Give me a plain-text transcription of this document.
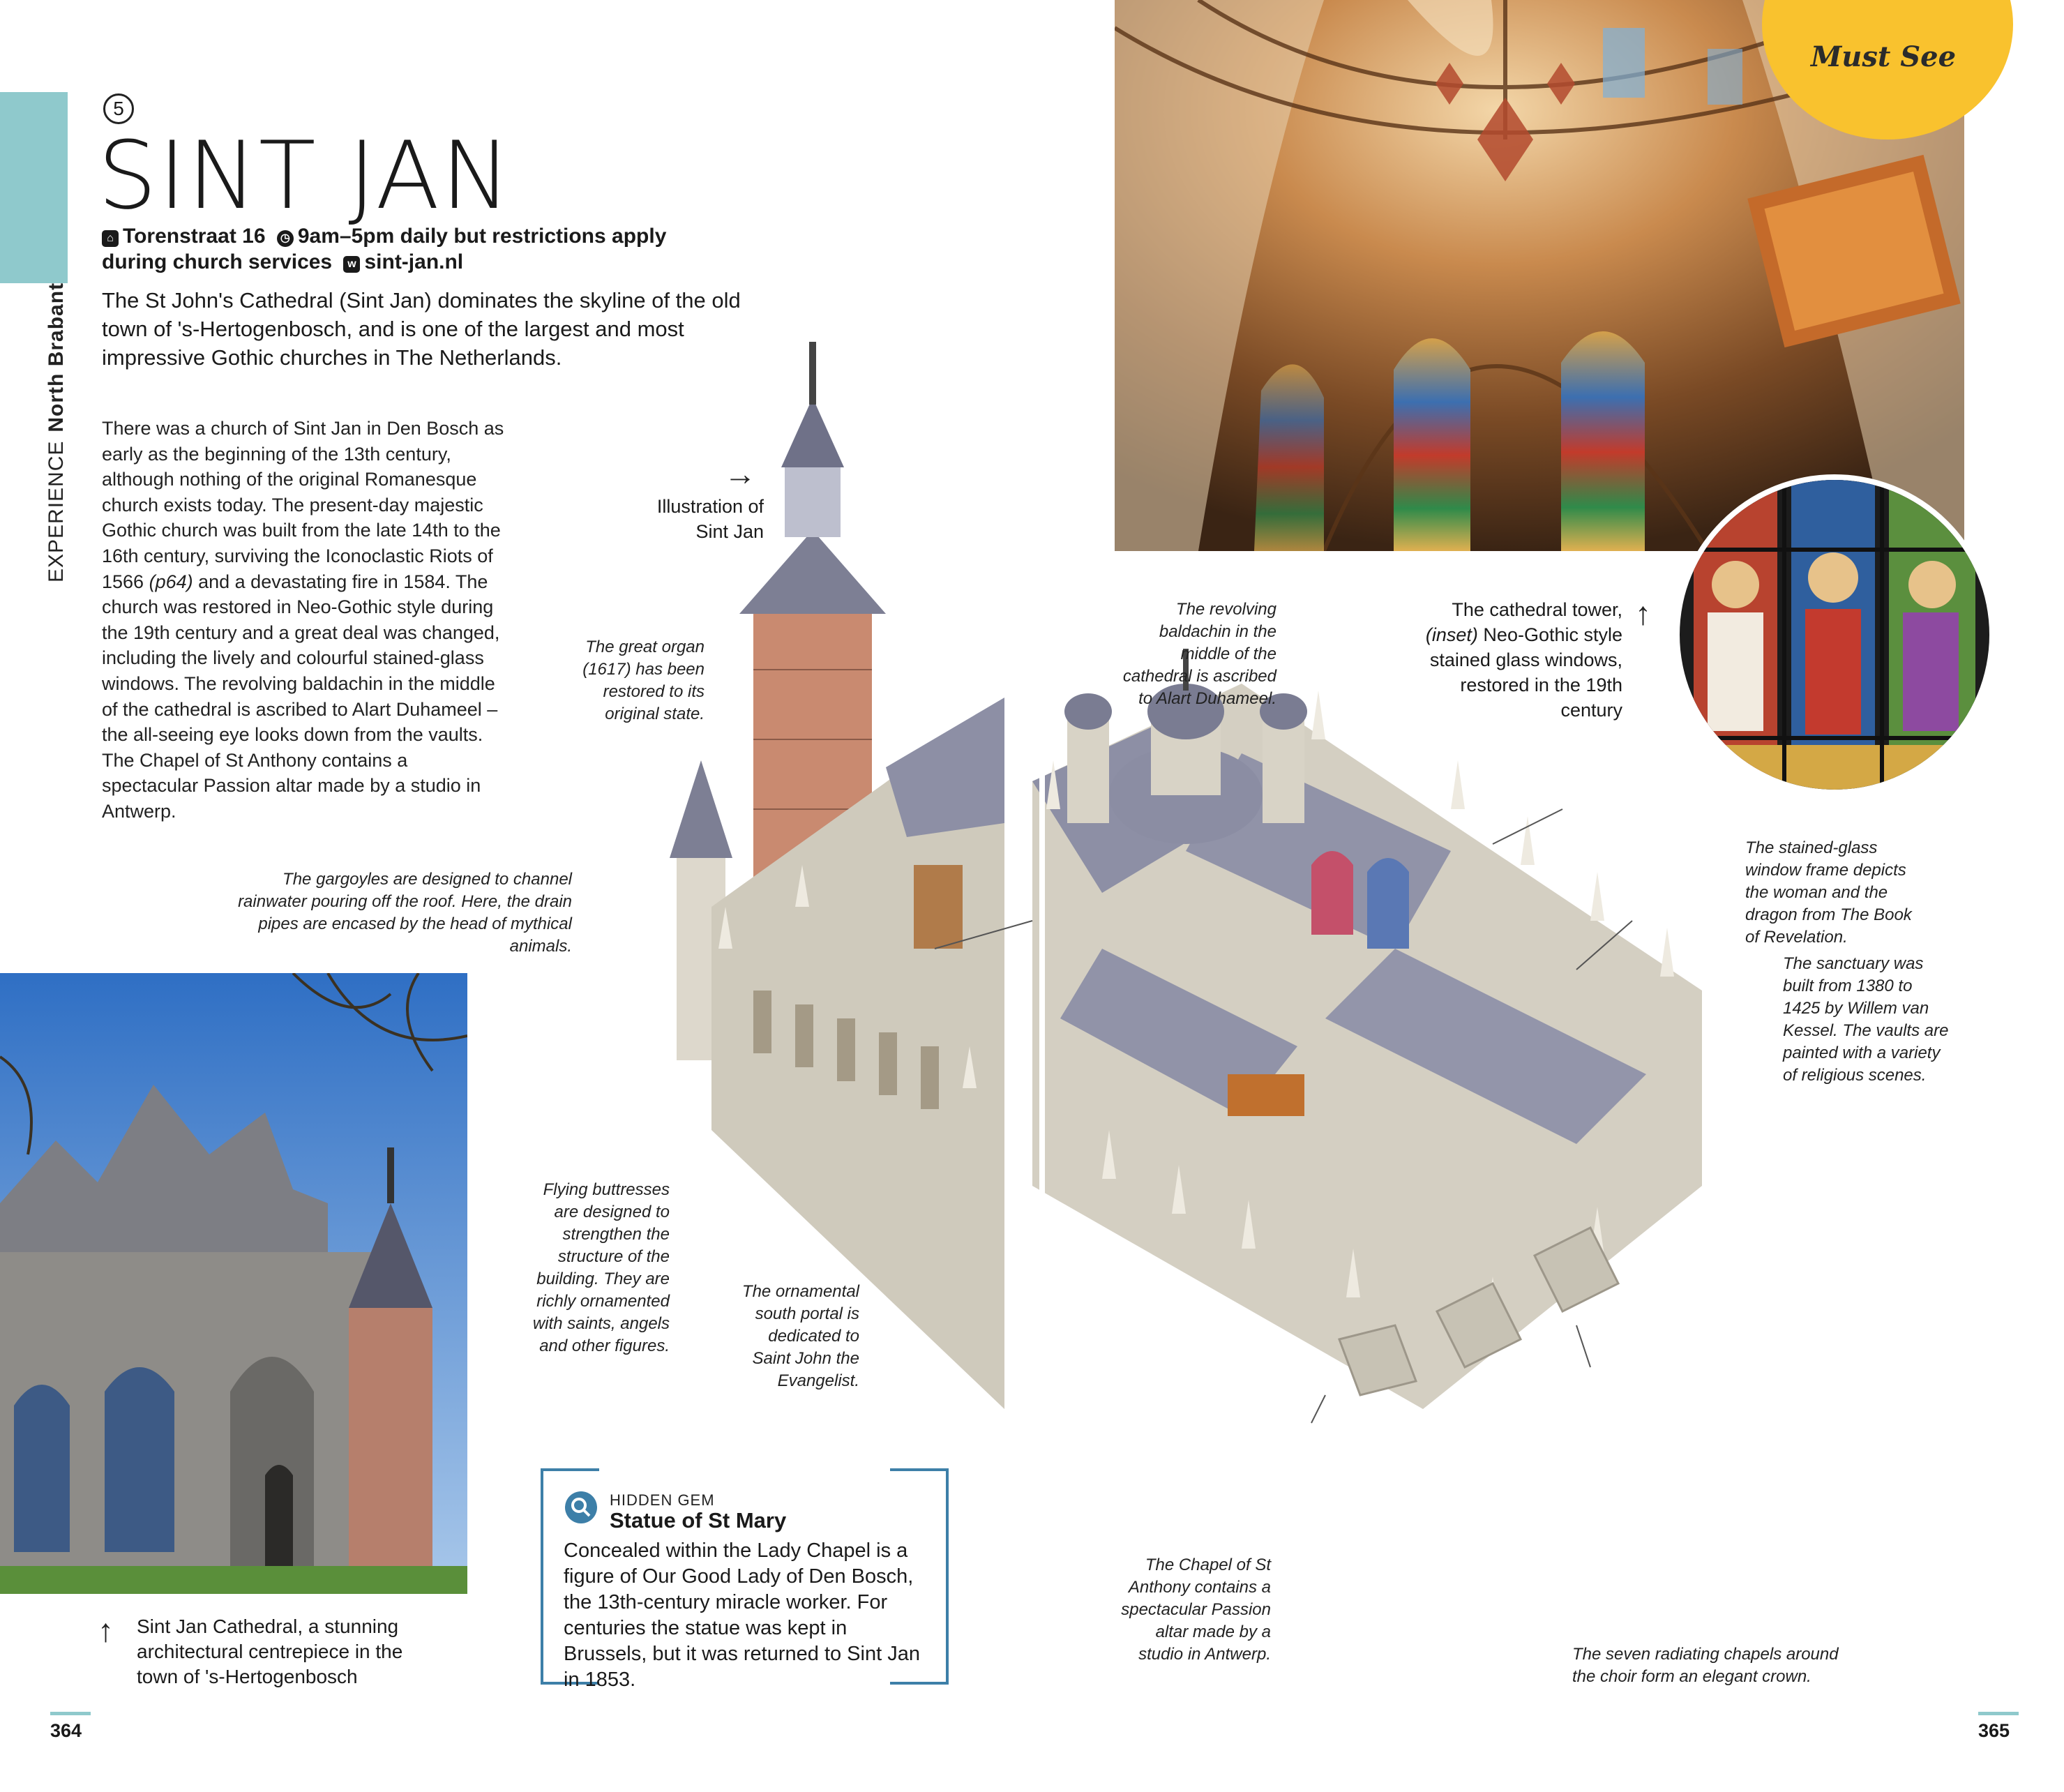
EXPERIENCENorth Brabant
5
SINT JAN
⌂ Torenstraat 16 ◷ 9am–5pm daily but restrictions apply
during church services w sint-jan.nl
The St John's Cathedral (Sint Jan) dominates the skyline of the old town of 's-Hertogenbosch, and is one of the largest and most impressive Gothic churches in The Netherlands.
There was a church of Sint Jan in Den Bosch as early as the beginning of the 13th century, although nothing of the original Romanesque church exists today. The present-day majestic Gothic church was built from the late 14th to the 16th century, surviving the Iconoclastic Riots of 1566 (p64) and a devastating fire in 1584. The church was restored in Neo-Gothic style during the 19th century and a great deal was changed, including the lively and colourful stained-glass windows. The revolving baldachin in the middle of the cathedral is ascribed to Alart Duhameel – the all-seeing eye looks down from the vaults. The Chapel of St Anthony contains a spectacular Passion altar made by a studio in Antwerp.
Must See
→
Illustration of Sint Jan
The great organ (1617) has been restored to its original state.
The gargoyles are designed to channel rainwater pouring off the roof. Here, the drain pipes are encased by the head of mythical animals.
The revolving baldachin in the middle of the cathedral is ascribed to Alart Duhameel.
The cathedral tower, (inset) Neo-Gothic style stained glass windows, restored in the 19th century
↑
The stained-glass window frame depicts the woman and the dragon from The Book of Revelation.
The sanctuary was built from 1380 to 1425 by Willem van Kessel. The vaults are painted with a variety of religious scenes.
Flying buttresses are designed to strengthen the structure of the building. They are richly ornamented with saints, angels and other figures.
The ornamental south portal is dedicated to Saint John the Evangelist.
The Chapel of St Anthony contains a spectacular Passion altar made by a studio in Antwerp.	The seven radiating chapels around the choir form an elegant crown.
↑ Sint Jan Cathedral, a stunning architectural centrepiece in the town of 's-Hertogenbosch
HIDDEN GEM
Statue of St Mary
Concealed within the Lady Chapel is a figure of Our Good Lady of Den Bosch, the 13th-century miracle worker. For centuries the statue was kept in Brussels, but it was returned to Sint Jan in 1853.
364	365
